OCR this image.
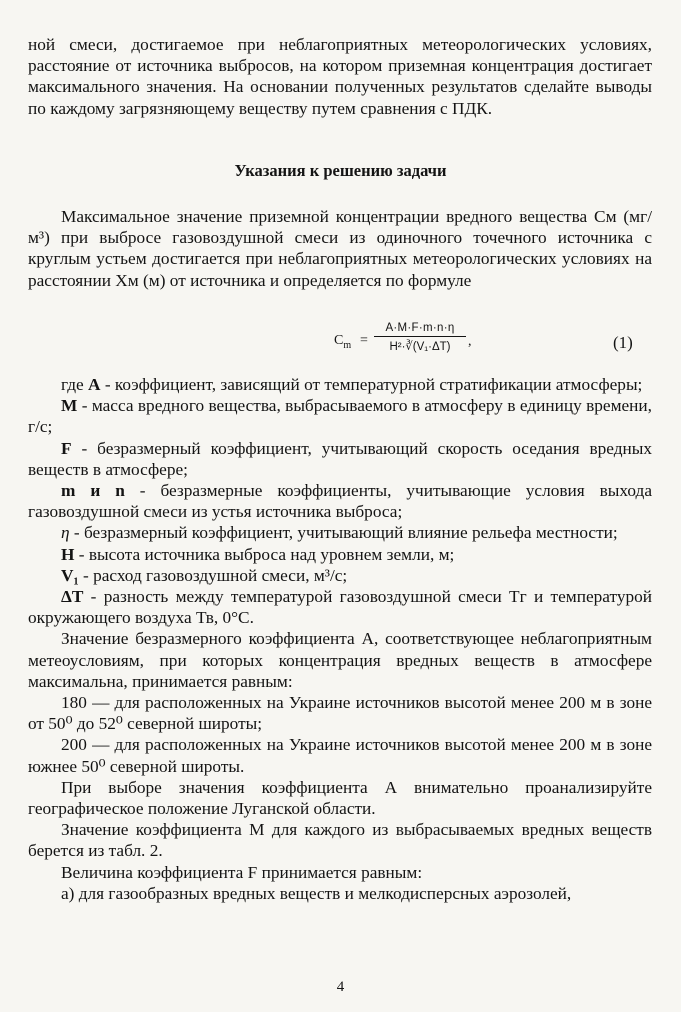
ной смеси, достигаемое при неблагоприятных метеорологических условиях, расстояние от источника выбросов, на котором приземная концентрация достигает максимального значения. На основании полученных результатов сделайте выводы по каждому загрязняющему веществу путем сравнения с ПДК.

Указания к решению задачи

Максимальное значение приземной концентрации вредного вещества См (мг/м³) при выбросе газовоздушной смеси из одиночного точечного источника с круглым устьем достигается при неблагоприятных метеорологических условиях на расстоянии Хм (м) от источника и определяется по формуле

$C_m$ =
A·M·F·m·n·η
H²·∛(V₁·ΔT)	,	(1)

где A - коэффициент, зависящий от температурной стратификации атмосферы;

M - масса вредного вещества, выбрасываемого в атмосферу в единицу времени, г/с;

F - безразмерный коэффициент, учитывающий скорость оседания вредных веществ в атмосфере;

m и n - безразмерные коэффициенты, учитывающие условия выхода газовоздушной смеси из устья источника выброса;

η - безразмерный коэффициент, учитывающий влияние рельефа местности;

H - высота источника выброса над уровнем земли, м;

V₁ - расход газовоздушной смеси, м³/с;

ΔT - разность между температурой газовоздушной смеси Тг и температурой окружающего воздуха Тв, 0°С.

Значение безразмерного коэффициента А, соответствующее неблагоприятным метеоусловиям, при которых концентрация вредных веществ в атмосфере максимальна, принимается равным:

180 — для расположенных на Украине источников высотой менее 200 м в зоне от 50⁰ до 52⁰ северной широты;

200 — для расположенных на Украине источников высотой менее 200 м в зоне южнее 50⁰ северной широты.

При выборе значения коэффициента А внимательно проанализируйте географическое положение Луганской области.

Значение коэффициента М для каждого из выбрасываемых вредных веществ берется из табл. 2.

Величина коэффициента F принимается равным:

а) для газообразных вредных веществ и мелкодисперсных аэрозолей,

4
